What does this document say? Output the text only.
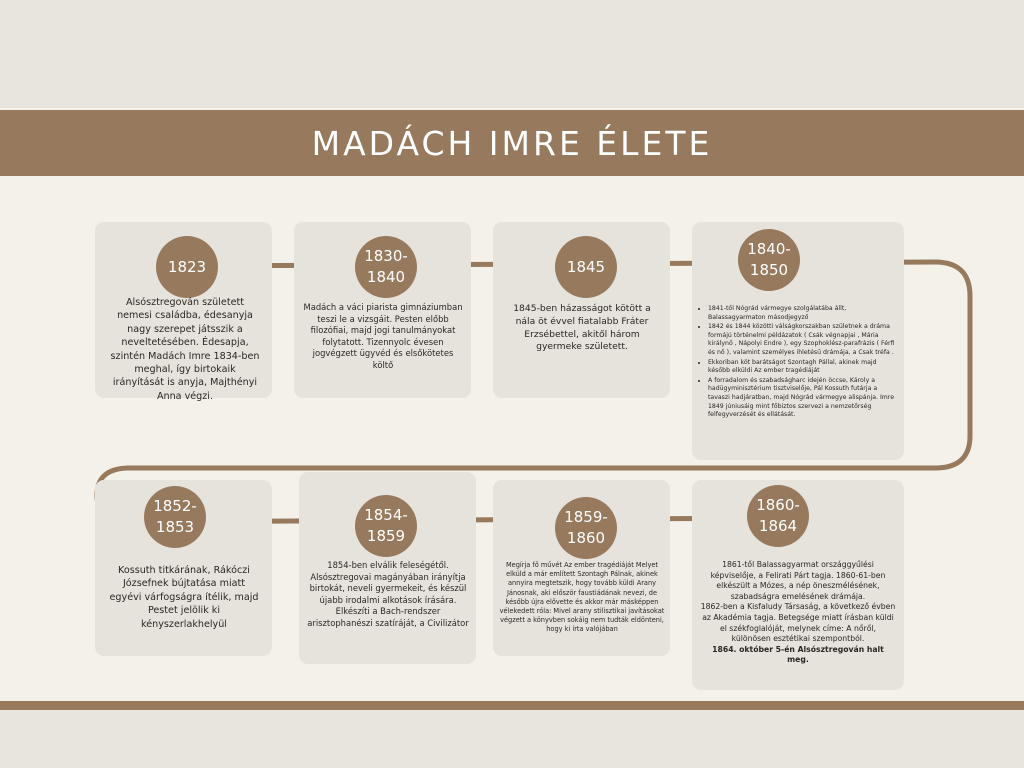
MADÁCH IMRE ÉLETE
1823
Alsósztregován született nemesi családba, édesanyja nagy szerepet játsszik a neveltetésében. Édesapja, szintén Madách Imre 1834-ben meghal, így birtokaik irányítását is anyja, Majthényi Anna végzi.
1830-
1840
Madách a váci piarista gimnáziumban teszi le a vizsgáit. Pesten előbb filozófiai, majd jogi tanulmányokat folytatott. Tizennyolc évesen jogvégzett ügyvéd és elsőkötetes költő
1845
1845-ben házasságot kötött a nála öt évvel fiatalabb Fráter Erzsébettel, akitől három gyermeke született.
1840-
1850
• 1841-től Nógrád vármegye szolgálatába állt, Balassagyarmaton másodjegyző
• 1842 és 1844 közötti válságkorszakban születnek a dráma formájú történelmi példázatok ( Csák végnapjai , Mária királynő , Nápolyi Endre ), egy Szophoklész-parafrázis ( Férfi és nő ), valamint személyes ihletésű drámája, a Csak tréfa .
• Ekkoriban köt barátságot Szontagh Pállal, akinek majd később elküldi Az ember tragédiáját
• A forradalom és szabadságharc idején öccse, Károly a hadügyminisztérium tisztviselője, Pál Kossuth futárja a tavaszi hadjáratban, majd Nógrád vármegye alispánja. Imre 1849 júniusáig mint főbiztos szervezi a nemzetőrség felfegyverzését és ellátását.
1852-
1853
Kossuth titkárának, Rákóczi Józsefnek bújtatása miatt egyévi várfogságra ítélik, majd Pestet jelölik ki kényszerlakhelyül
1854-
1859
1854-ben elválik feleségétől. Alsósztregovai magányában irányítja birtokát, neveli gyermekeit, és készül újabb irodalmi alkotások írására. Elkészíti a Bach-rendszer arisztophanészi szatíráját, a Civilizátor
1859-
1860
Megírja fő művét Az ember tragédiáját Melyet elküld a már említett Szontagh Pálnak, akinek annyira megtetszik, hogy tovább küldi Arany Jánosnak, aki először faustiádának nevezi, de később újra elővette és akkor már másképpen vélekedett róla: Mivel arany stilisztikai javításokat végzett a könyvben sokáig nem tudták eldönteni, hogy ki írta valójában
1860-
1864
1861-től Balassagyarmat országgyűlési képviselője, a Felirati Párt tagja. 1860-61-ben elkészült a Mózes, a nép öneszmélésének, szabadságra emelésének drámája.
1862-ben a Kisfaludy Társaság, a következő évben az Akadémia tagja. Betegsége miatt írásban küldi el székfoglalóját, melynek címe: A nőről, különösen esztétikai szempontból.
1864. október 5-én Alsósztregován halt meg.
